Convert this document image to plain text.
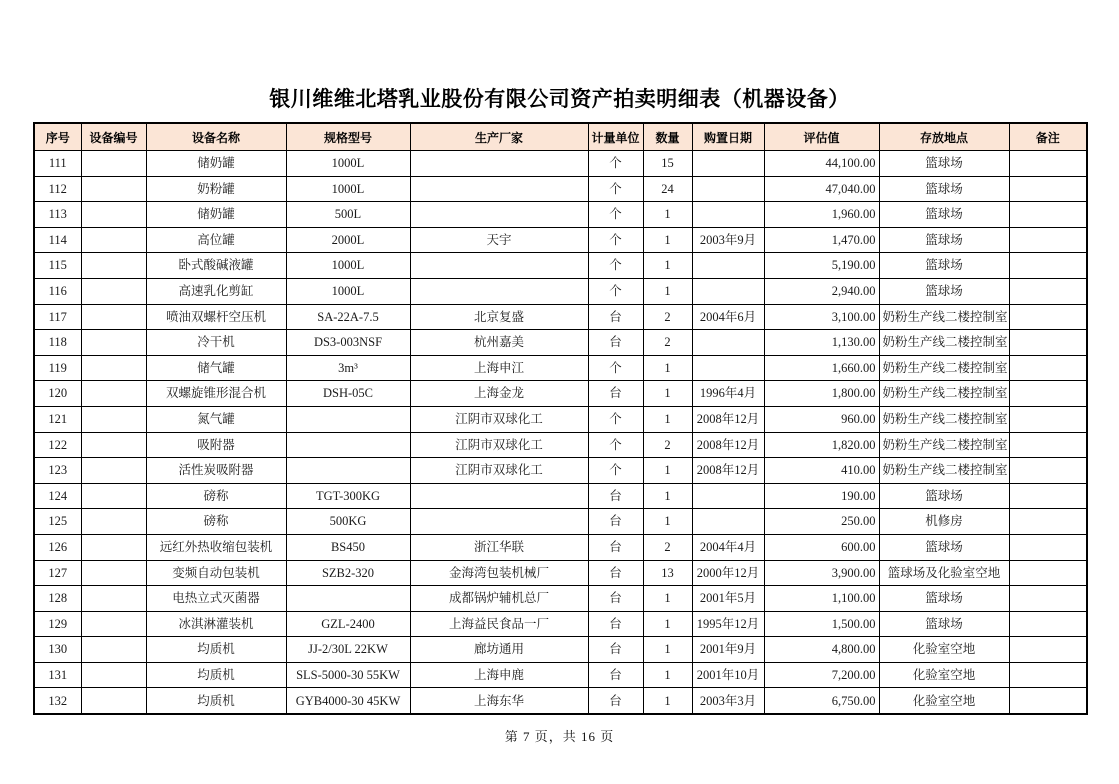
银川维维北塔乳业股份有限公司资产拍卖明细表（机器设备）
序号	设备编号	设备名称	规格型号	生产厂家	计量单位	数量	购置日期	评估值	存放地点	备注
111		储奶罐	1000L		个	15		44,100.00	篮球场	
112		奶粉罐	1000L		个	24		47,040.00	篮球场	
113		储奶罐	500L		个	1		1,960.00	篮球场	
114		高位罐	2000L	天宇	个	1	2003年9月	1,470.00	篮球场	
115		卧式酸碱液罐	1000L		个	1		5,190.00	篮球场	
116		高速乳化剪缸	1000L		个	1		2,940.00	篮球场	
117		喷油双螺杆空压机	SA-22A-7.5	北京复盛	台	2	2004年6月	3,100.00	奶粉生产线二楼控制室	
118		冷干机	DS3-003NSF	杭州嘉美	台	2		1,130.00	奶粉生产线二楼控制室	
119		储气罐	3m³	上海申江	个	1		1,660.00	奶粉生产线二楼控制室	
120		双螺旋锥形混合机	DSH-05C	上海金龙	台	1	1996年4月	1,800.00	奶粉生产线二楼控制室	
121		氮气罐		江阴市双球化工	个	1	2008年12月	960.00	奶粉生产线二楼控制室	
122		吸附器		江阴市双球化工	个	2	2008年12月	1,820.00	奶粉生产线二楼控制室	
123		活性炭吸附器		江阴市双球化工	个	1	2008年12月	410.00	奶粉生产线二楼控制室	
124		磅称	TGT-300KG		台	1		190.00	篮球场	
125		磅称	500KG		台	1		250.00	机修房	
126		远红外热收缩包装机	BS450	浙江华联	台	2	2004年4月	600.00	篮球场	
127		变频自动包装机	SZB2-320	金海湾包装机械厂	台	13	2000年12月	3,900.00	篮球场及化验室空地	
128		电热立式灭菌器		成都锅炉辅机总厂	台	1	2001年5月	1,100.00	篮球场	
129		冰淇淋灌装机	GZL-2400	上海益民食品一厂	台	1	1995年12月	1,500.00	篮球场	
130		均质机	JJ-2/30L 22KW	廊坊通用	台	1	2001年9月	4,800.00	化验室空地	
131		均质机	SLS-5000-30 55KW	上海申鹿	台	1	2001年10月	7,200.00	化验室空地	
132		均质机	GYB4000-30 45KW	上海东华	台	1	2003年3月	6,750.00	化验室空地	
第 7 页，共 16 页
